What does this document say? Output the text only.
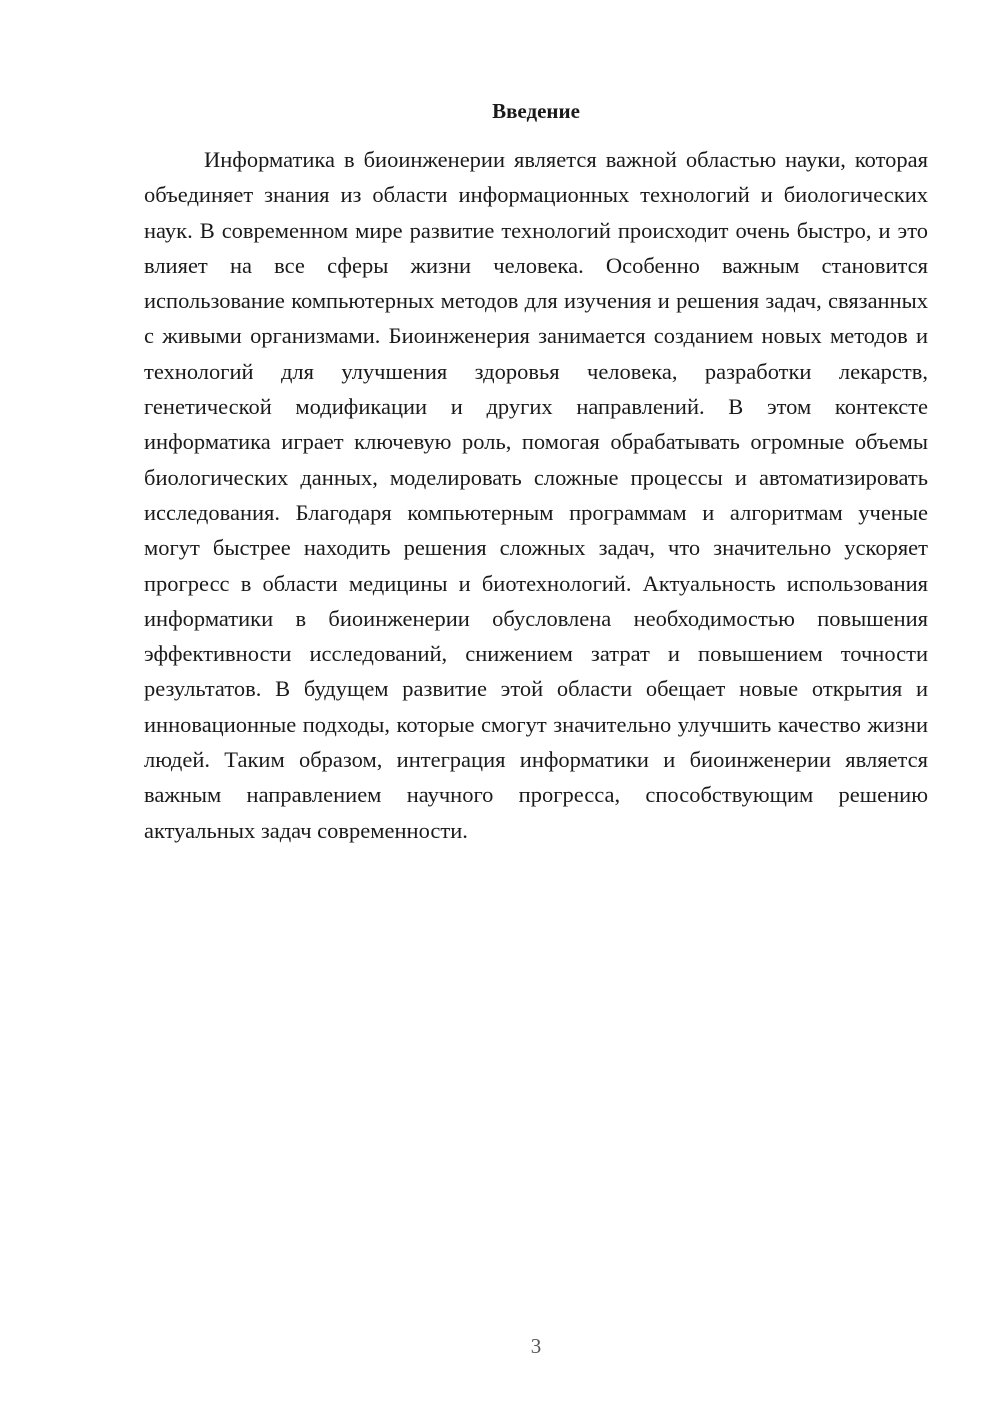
Введение

Информатика в биоинженерии является важной областью науки, которая объединяет знания из области информационных технологий и биологических наук. В современном мире развитие технологий происходит очень быстро, и это влияет на все сферы жизни человека. Особенно важным становится использование компьютерных методов для изучения и решения задач, связанных с живыми организмами. Биоинженерия занимается созданием новых методов и технологий для улучшения здоровья человека, разработки лекарств, генетической модификации и других направлений. В этом контексте информатика играет ключевую роль, помогая обрабатывать огромные объемы биологических данных, моделировать сложные процессы и автоматизировать исследования. Благодаря компьютерным программам и алгоритмам ученые могут быстрее находить решения сложных задач, что значительно ускоряет прогресс в области медицины и биотехнологий. Актуальность использования информатики в биоинженерии обусловлена необходимостью повышения эффективности исследований, снижением затрат и повышением точности результатов. В будущем развитие этой области обещает новые открытия и инновационные подходы, которые смогут значительно улучшить качество жизни людей. Таким образом, интеграция информатики и биоинженерии является важным направлением научного прогресса, способствующим решению актуальных задач современности.

3
